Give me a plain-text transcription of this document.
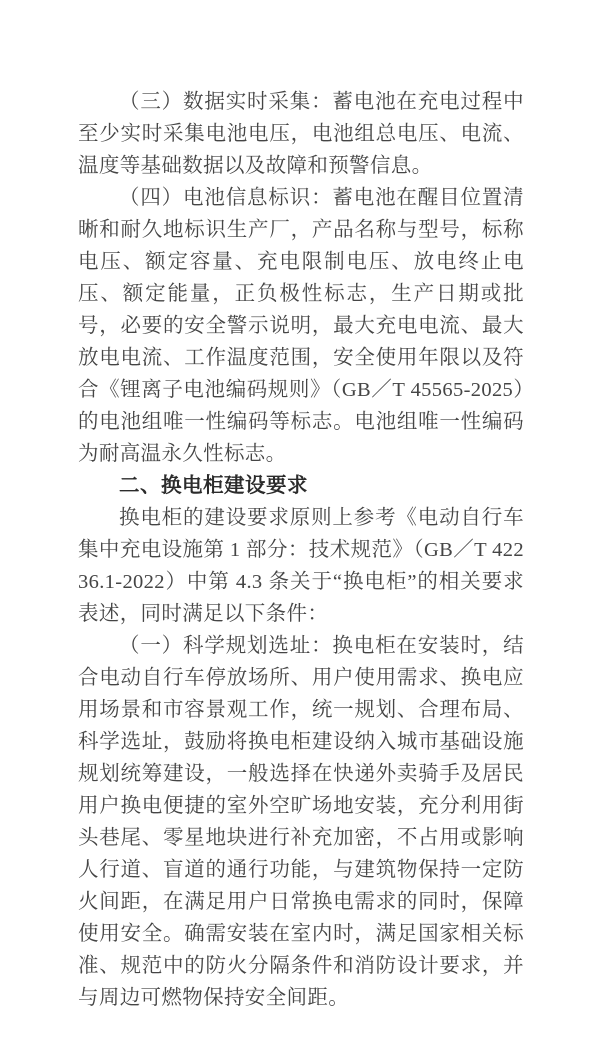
（三）数据实时采集：蓄电池在充电过程中至少实时采集电池电压，电池组总电压、电流、温度等基础数据以及故障和预警信息。

（四）电池信息标识：蓄电池在醒目位置清晰和耐久地标识生产厂，产品名称与型号，标称电压、额定容量、充电限制电压、放电终止电压、额定能量，正负极性标志，生产日期或批号，必要的安全警示说明，最大充电电流、最大放电电流、工作温度范围，安全使用年限以及符合《锂离子电池编码规则》（GB／T 45565-2025）的电池组唯一性编码等标志。电池组唯一性编码为耐高温永久性标志。

二、换电柜建设要求

换电柜的建设要求原则上参考《电动自行车集中充电设施第 1 部分：技术规范》（GB／T 42236.1-2022）中第 4.3 条关于“换电柜”的相关要求表述，同时满足以下条件：

（一）科学规划选址：换电柜在安装时，结合电动自行车停放场所、用户使用需求、换电应用场景和市容景观工作，统一规划、合理布局、科学选址，鼓励将换电柜建设纳入城市基础设施规划统筹建设，一般选择在快递外卖骑手及居民用户换电便捷的室外空旷场地安装，充分利用街头巷尾、零星地块进行补充加密，不占用或影响人行道、盲道的通行功能，与建筑物保持一定防火间距，在满足用户日常换电需求的同时，保障使用安全。确需安装在室内时，满足国家相关标准、规范中的防火分隔条件和消防设计要求，并与周边可燃物保持安全间距。
